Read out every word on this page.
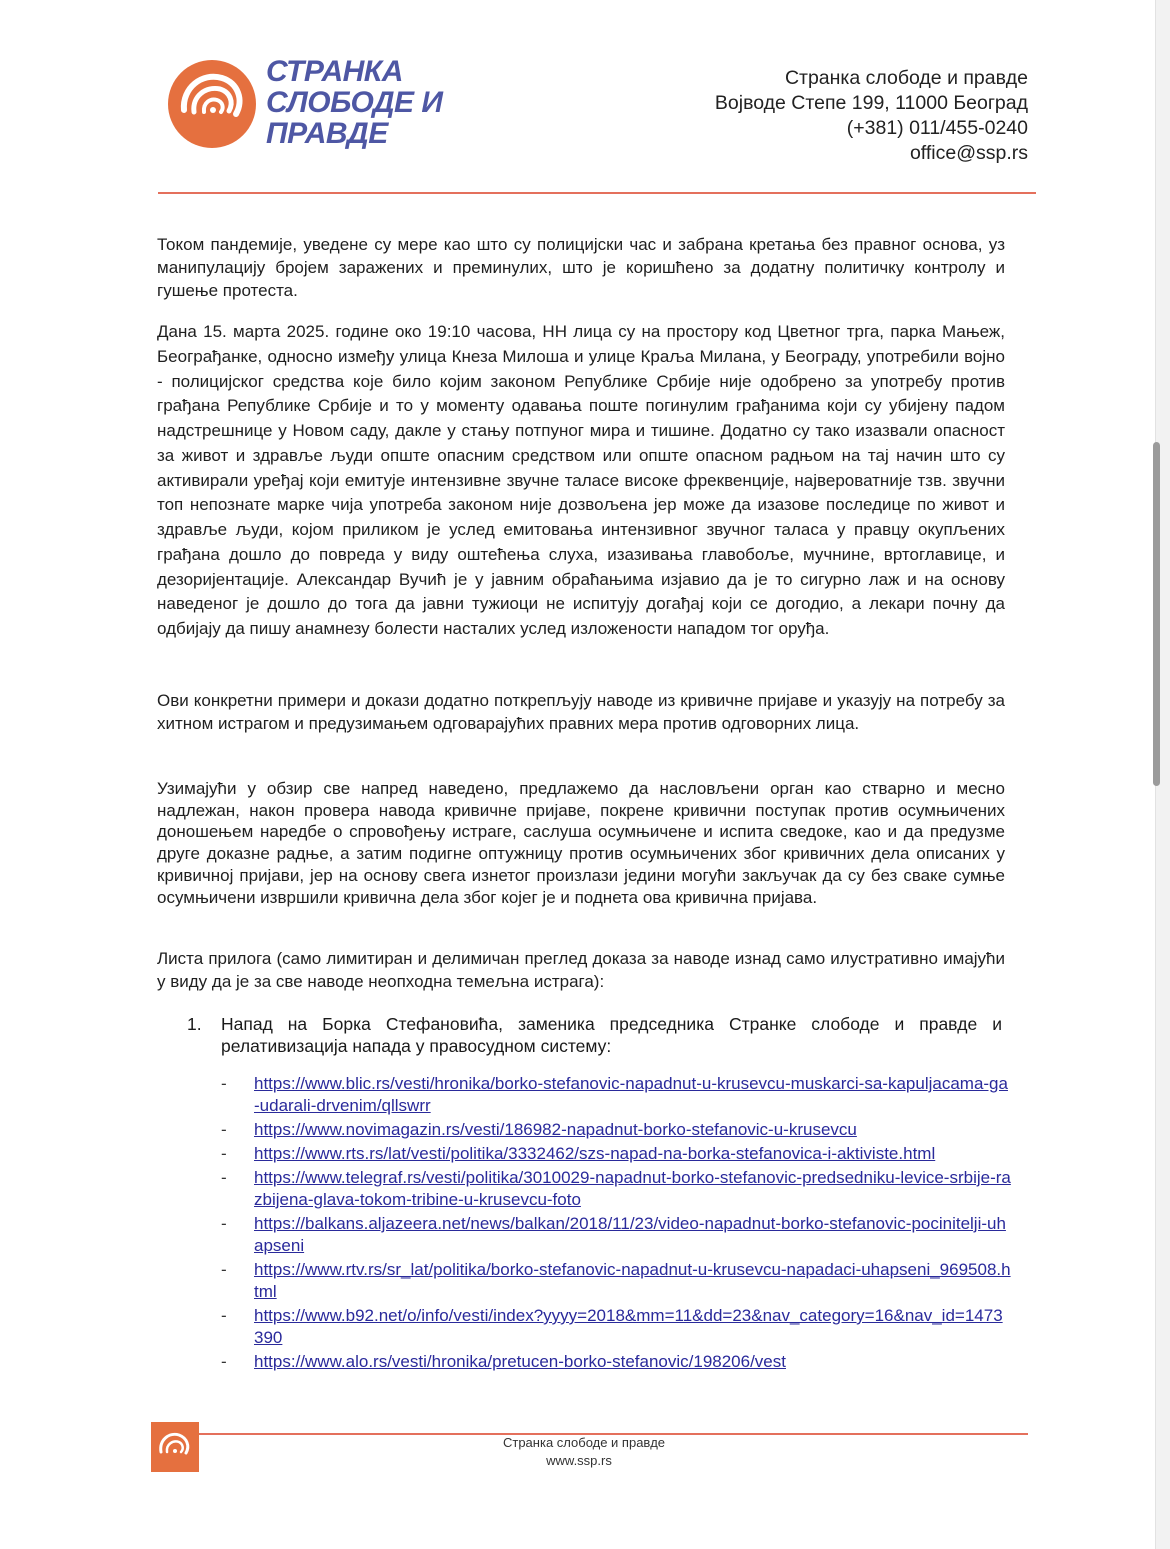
СТРАНКА
СЛОБОДЕ И
ПРАВДЕ
Странка слободе и правде
Војводе Степе 199, 11000 Београд
(+381) 011/455-0240
office@ssp.rs
Током пандемије, уведене су мере као што су полицијски час и забрана кретања без правног основа, уз манипулацију бројем заражених и преминулих, што је коришћено за додатну политичку контролу и гушење протеста.
Дана 15. марта 2025. године око 19:10 часова, НН лица су на простору код Цветног трга, парка Мањеж, Београђанке, односно између улица Кнеза Милоша и улице Краља Милана, у Београду, употребили војно - полицијског средства које било којим законом Републике Србије није одобрено за употребу против грађана Републике Србије и то у моменту одавања поште погинулим грађанима који су убијену падом надстрешнице у Новом саду, дакле у стању потпуног мира и тишине. Додатно су тако изазвали опасност за живот и здравље људи опште опасним средством или опште опасном радњом на тај начин што су активирали уређај који емитује интензивне звучне таласе високе фреквенције, највероватније тзв. звучни топ непознате марке чија употреба законом није дозвољена јер може да изазове последице по живот и здравље људи, којом приликом је услед емитовања интензивног звучног таласа у правцу окупљених грађана дошло до повреда у виду оштећења слуха, изазивања главобоље, мучнине, вртоглавице, и дезоријентације. Александар Вучић је у јавним обраћањима изјавио да је то сигурно лаж и на основу наведеног је дошло до тога да јавни тужиоци не испитују догађај који се догодио, а лекари почну да одбијају да пишу анамнезу болести насталих услед изложености нападом тог оруђа.
Ови конкретни примери и докази додатно поткрепљују наводе из кривичне пријаве и указују на потребу за хитном истрагом и предузимањем одговарајућих правних мера против одговорних лица.
Узимајући у обзир све напред наведено, предлажемо да насловљени орган као стварно и месно надлежан, након провера навода кривичне пријаве, покрене кривични поступак против осумњичених доношењем наредбе о спровођењу истраге, саслуша осумњичене и испита сведоке, као и да предузме друге доказне радње, а затим подигне оптужницу против осумњичених због кривичних дела описаних у кривичној пријави, јер на основу свега изнетог произлази једини могући закључак да су без сваке сумње осумњичени извршили кривична дела због којег је и поднета ова кривична пријава.
Листа прилога (само лимитиран и делимичан преглед доказа за наводе изнад само илустративно имајући у виду да је за све наводе неопходна темељна истрага):
1. Напад на Борка Стефановића, заменика председника Странке слободе и правде и релативизација напада у правосудном систему:
- https://www.blic.rs/vesti/hronika/borko-stefanovic-napadnut-u-krusevcu-muskarci-sa-kapuljacama-ga-udarali-drvenim/qllswrr
- https://www.novimagazin.rs/vesti/186982-napadnut-borko-stefanovic-u-krusevcu
- https://www.rts.rs/lat/vesti/politika/3332462/szs-napad-na-borka-stefanovica-i-aktiviste.html
- https://www.telegraf.rs/vesti/politika/3010029-napadnut-borko-stefanovic-predsedniku-levice-srbije-razbijena-glava-tokom-tribine-u-krusevcu-foto
- https://balkans.aljazeera.net/news/balkan/2018/11/23/video-napadnut-borko-stefanovic-pocinitelji-uhapseni
- https://www.rtv.rs/sr_lat/politika/borko-stefanovic-napadnut-u-krusevcu-napadaci-uhapseni_969508.html
- https://www.b92.net/o/info/vesti/index?yyyy=2018&mm=11&dd=23&nav_category=16&nav_id=1473390
- https://www.alo.rs/vesti/hronika/pretucen-borko-stefanovic/198206/vest
Странка слободе и правде
www.ssp.rs
